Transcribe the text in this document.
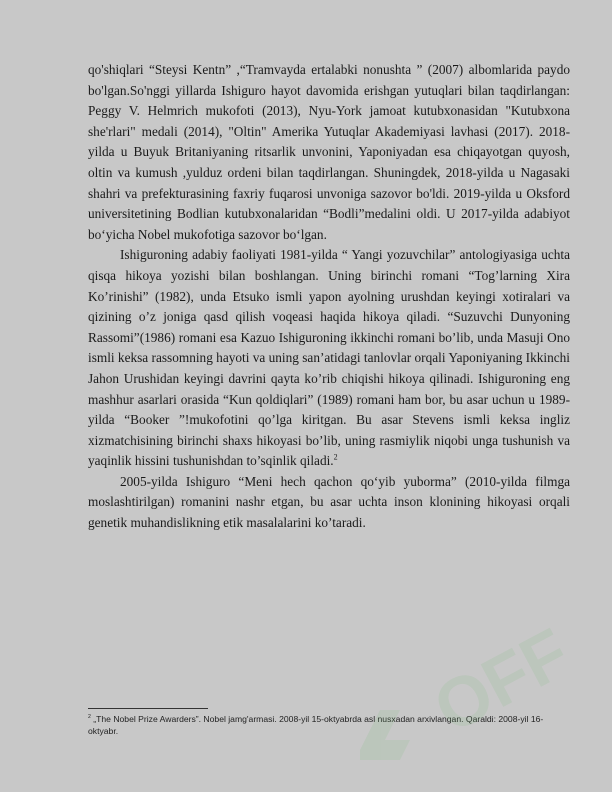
qo'shiqlari “Steysi Kentn” ,“Tramvayda ertalabki nonushta ” (2007) albomlarida paydo bo'lgan.So'nggi yillarda Ishiguro hayot davomida erishgan yutuqlari bilan taqdirlangan: Peggy V. Helmrich mukofoti (2013), Nyu-York jamoat kutubxonasidan "Kutubxona she'rlari" medali (2014), "Oltin" Amerika Yutuqlar Akademiyasi lavhasi (2017). 2018-yilda u Buyuk Britaniyaning ritsarlik unvonini, Yaponiyadan esa chiqayotgan quyosh, oltin va kumush ,yulduz ordeni bilan taqdirlangan. Shuningdek, 2018-yilda u Nagasaki shahri va prefekturasining faxriy fuqarosi unvoniga sazovor bo'ldi. 2019-yilda u Oksford universitetining Bodlian kutubxonalaridan “Bodli”medalini oldi. U 2017-yilda adabiyot bo‘yicha Nobel mukofotiga sazovor bo‘lgan.

Ishiguroning adabiy faoliyati 1981-yilda “ Yangi yozuvchilar” antologiyasiga uchta qisqa hikoya yozishi bilan boshlangan. Uning birinchi romani “Tog’larning Xira Ko’rinishi” (1982), unda Etsuko ismli yapon ayolning urushdan keyingi xotiralari va qizining o’z joniga qasd qilish voqeasi haqida hikoya qiladi. “Suzuvchi Dunyoning Rassomi”(1986) romani esa Kazuo Ishiguroning ikkinchi romani bo’lib, unda Masuji Ono ismli keksa rassomning hayoti va uning san’atidagi tanlovlar orqali Yaponiyaning Ikkinchi Jahon Urushidan keyingi davrini qayta ko’rib chiqishi hikoya qilinadi. Ishiguroning eng mashhur asarlari orasida “Kun qoldiqlari” (1989) romani ham bor, bu asar uchun u 1989-yilda “Booker ”!mukofotini qo’lga kiritgan. Bu asar Stevens ismli keksa ingliz xizmatchisining birinchi shaxs hikoyasi bo’lib, uning rasmiylik niqobi unga tushunish va yaqinlik hissini tushunishdan to’sqinlik qiladi.$^2$

2005-yilda Ishiguro “Meni hech qachon qo‘yib yuborma” (2010-yilda filmga moslashtirilgan) romanini nashr etgan, bu asar uchta inson klonining hikoyasi orqali genetik muhandislikning etik masalalarini ko’taradi.

$^2$ „The Nobel Prize Awarders”. Nobel jamg'armasi. 2008-yil 15-oktyabrda asl nusxadan arxivlangan. Qaraldi: 2008-yil 16-oktyabr.	OFF
